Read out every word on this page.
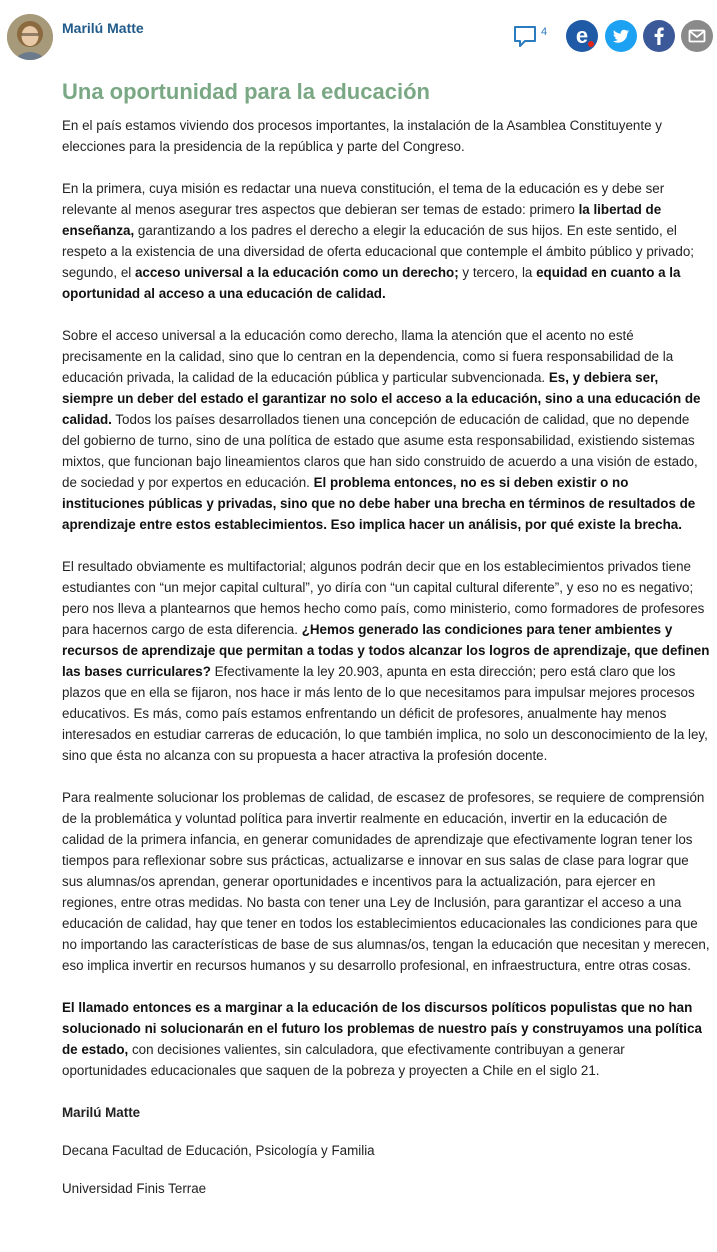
Marilú Matte	4 e
Una oportunidad para la educación

En el país estamos viviendo dos procesos importantes, la instalación de la Asamblea Constituyente y elecciones para la presidencia de la república y parte del Congreso.

En la primera, cuya misión es redactar una nueva constitución, el tema de la educación es y debe ser relevante al menos asegurar tres aspectos que debieran ser temas de estado: primero la libertad de enseñanza, garantizando a los padres el derecho a elegir la educación de sus hijos. En este sentido, el respeto a la existencia de una diversidad de oferta educacional que contemple el ámbito público y privado; segundo, el acceso universal a la educación como un derecho; y tercero, la equidad en cuanto a la oportunidad al acceso a una educación de calidad.

Sobre el acceso universal a la educación como derecho, llama la atención que el acento no esté precisamente en la calidad, sino que lo centran en la dependencia, como si fuera responsabilidad de la educación privada, la calidad de la educación pública y particular subvencionada. Es, y debiera ser, siempre un deber del estado el garantizar no solo el acceso a la educación, sino a una educación de calidad. Todos los países desarrollados tienen una concepción de educación de calidad, que no depende del gobierno de turno, sino de una política de estado que asume esta responsabilidad, existiendo sistemas mixtos, que funcionan bajo lineamientos claros que han sido construido de acuerdo a una visión de estado, de sociedad y por expertos en educación. El problema entonces, no es si deben existir o no instituciones públicas y privadas, sino que no debe haber una brecha en términos de resultados de aprendizaje entre estos establecimientos. Eso implica hacer un análisis, por qué existe la brecha.

El resultado obviamente es multifactorial; algunos podrán decir que en los establecimientos privados tiene estudiantes con “un mejor capital cultural”, yo diría con “un capital cultural diferente”, y eso no es negativo; pero nos lleva a plantearnos que hemos hecho como país, como ministerio, como formadores de profesores para hacernos cargo de esta diferencia. ¿Hemos generado las condiciones para tener ambientes y recursos de aprendizaje que permitan a todas y todos alcanzar los logros de aprendizaje, que definen las bases curriculares? Efectivamente la ley 20.903, apunta en esta dirección; pero está claro que los plazos que en ella se fijaron, nos hace ir más lento de lo que necesitamos para impulsar mejores procesos educativos. Es más, como país estamos enfrentando un déficit de profesores, anualmente hay menos interesados en estudiar carreras de educación, lo que también implica, no solo un desconocimiento de la ley, sino que ésta no alcanza con su propuesta a hacer atractiva la profesión docente.

Para realmente solucionar los problemas de calidad, de escasez de profesores, se requiere de comprensión de la problemática y voluntad política para invertir realmente en educación, invertir en la educación de calidad de la primera infancia, en generar comunidades de aprendizaje que efectivamente logran tener los tiempos para reflexionar sobre sus prácticas, actualizarse e innovar en sus salas de clase para lograr que sus alumnas/os aprendan, generar oportunidades e incentivos para la actualización, para ejercer en regiones, entre otras medidas. No basta con tener una Ley de Inclusión, para garantizar el acceso a una educación de calidad, hay que tener en todos los establecimientos educacionales las condiciones para que no importando las características de base de sus alumnas/os, tengan la educación que necesitan y merecen, eso implica invertir en recursos humanos y su desarrollo profesional, en infraestructura, entre otras cosas.

El llamado entonces es a marginar a la educación de los discursos políticos populistas que no han solucionado ni solucionarán en el futuro los problemas de nuestro país y construyamos una política de estado, con decisiones valientes, sin calculadora, que efectivamente contribuyan a generar oportunidades educacionales que saquen de la pobreza y proyecten a Chile en el siglo 21.

Marilú Matte
Decana Facultad de Educación, Psicología y Familia
Universidad Finis Terrae
